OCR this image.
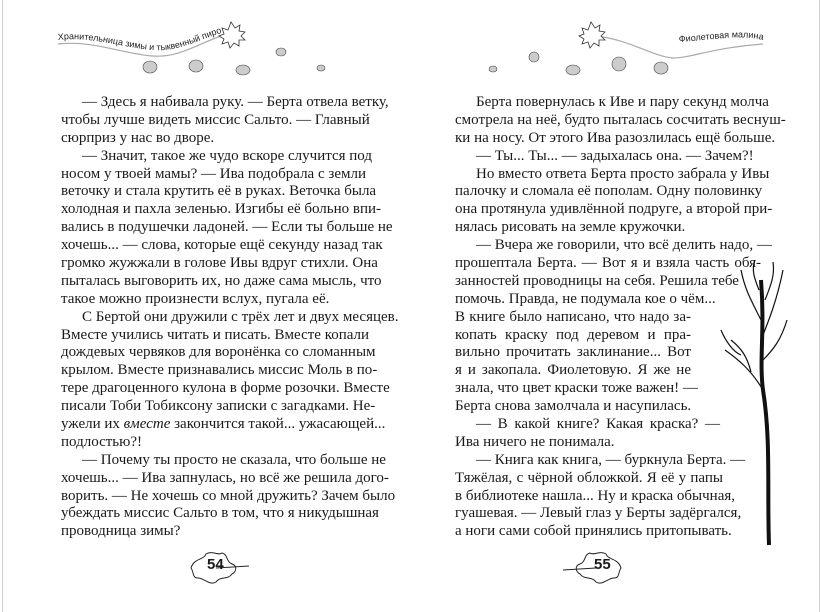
Хранительница зимы и тыквенный пиро
— Здесь я набивала руку. — Берта отвела ветку,
чтобы лучше видеть миссис Сальто. — Главный
сюрприз у нас во дворе.
— Значит, такое же чудо вскоре случится под
носом у твоей мамы? — Ива подобрала с земли
веточку и стала крутить её в руках. Веточка была
холодная и пахла зеленью. Изгибы её больно впи-
вались в подушечки ладоней. — Если ты больше не
хочешь... — слова, которые ещё секунду назад так
громко жужжали в голове Ивы вдруг стихли. Она
пыталась выговорить их, но даже сама мысль, что
такое можно произнести вслух, пугала её.
С Бертой они дружили с трёх лет и двух месяцев.
Вместе учились читать и писать. Вместе копали
дождевых червяков для воронёнка со сломанным
крылом. Вместе признавались миссис Моль в по-
тере драгоценного кулона в форме розочки. Вместе
писали Тоби Тобиксону записки с загадками. Не-
ужели их вместе закончится такой... ужасающей...
подлостью?!
— Почему ты просто не сказала, что больше не
хочешь... — Ива запнулась, но всё же решила дого-
ворить. — Не хочешь со мной дружить? Зачем было
убеждать миссис Сальто в том, что я никудышная
проводница зимы?
54
Фиолетовая малина
Берта повернулась к Иве и пару секунд молча
смотрела на неё, будто пыталась сосчитать веснуш-
ки на носу. От этого Ива разозлилась ещё больше.
— Ты... Ты... — задыхалась она. — Зачем?!
Но вместо ответа Берта просто забрала у Ивы
палочку и сломала её пополам. Одну половинку
она протянула удивлённой подруге, а второй при-
нялась рисовать на земле кружочки.
— Вчера же говорили, что всё делить надо, —
прошептала Берта. — Вот я и взяла часть обя-
занностей проводницы на себя. Решила тебе
помочь. Правда, не подумала кое о чём...
В книге было написано, что надо за-
копать краску под деревом и пра-
вильно прочитать заклинание... Вот
я и закопала. Фиолетовую. Я же не
знала, что цвет краски тоже важен! —
Берта снова замолчала и насупилась.
— В какой книге? Какая краска? —
Ива ничего не понимала.
— Книга как книга, — буркнула Берта. —
Тяжёлая, с чёрной обложкой. Я её у папы
в библиотеке нашла... Ну и краска обычная,
гуашевая. — Левый глаз у Берты задёргался,
а ноги сами собой принялись притопывать.
55
